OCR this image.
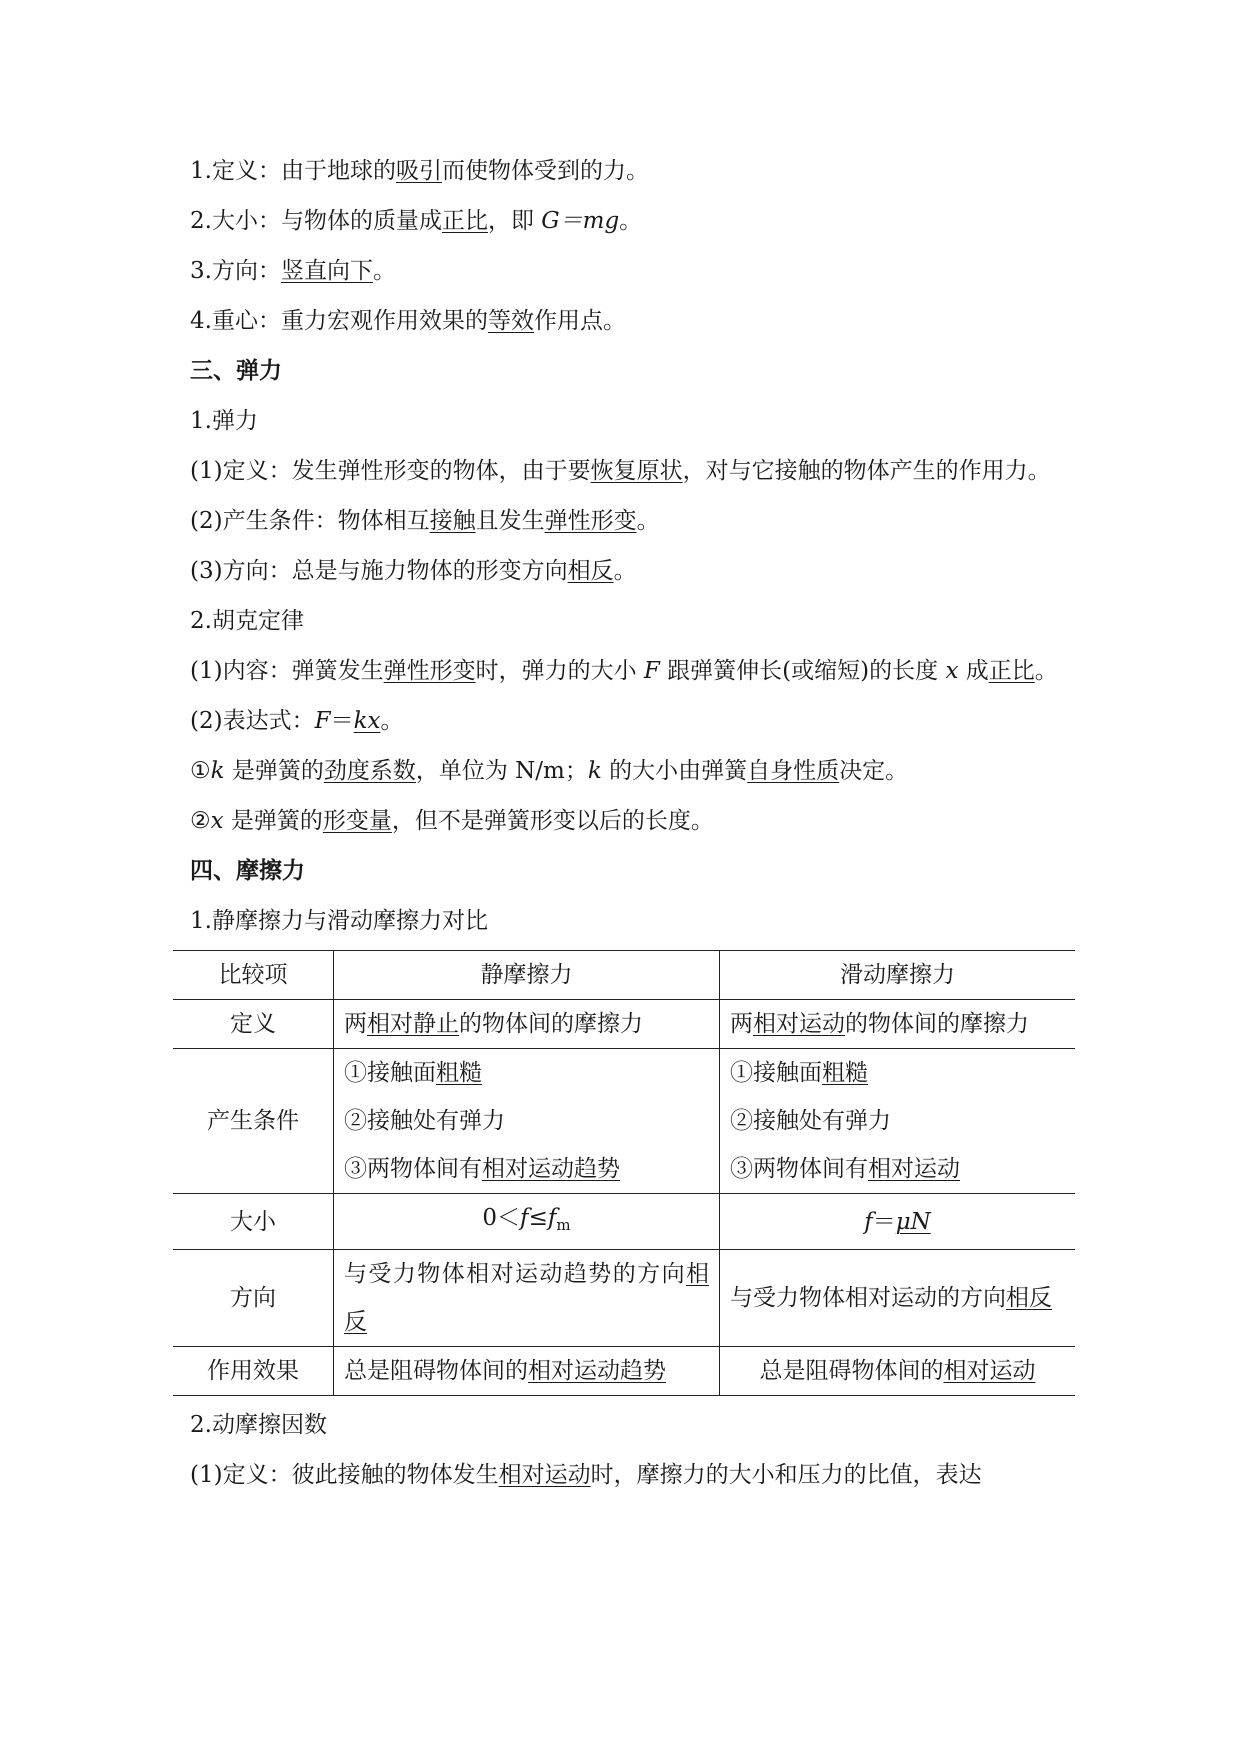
1.定义：由于地球的吸引而使物体受到的力。
2.大小：与物体的质量成正比，即 G＝mg。
3.方向：竖直向下。
4.重心：重力宏观作用效果的等效作用点。
三、弹力
1.弹力
(1)定义：发生弹性形变的物体，由于要恢复原状，对与它接触的物体产生的作用力。
(2)产生条件：物体相互接触且发生弹性形变。
(3)方向：总是与施力物体的形变方向相反。
2.胡克定律
(1)内容：弹簧发生弹性形变时，弹力的大小 F 跟弹簧伸长(或缩短)的长度 x 成正比。
(2)表达式：F＝kx。
①k 是弹簧的劲度系数，单位为 N/m；k 的大小由弹簧自身性质决定。
②x 是弹簧的形变量，但不是弹簧形变以后的长度。
四、摩擦力
1.静摩擦力与滑动摩擦力对比
比较项	静摩擦力	滑动摩擦力
定义	两相对静止的物体间的摩擦力	两相对运动的物体间的摩擦力
产生条件	①接触面粗糙
②接触处有弹力
③两物体间有相对运动趋势	①接触面粗糙
②接触处有弹力
③两物体间有相对运动

大小	$0<f\le f_m$	f＝μN
方向	与受力物体相对运动趋势的方向相反	与受力物体相对运动的方向相反
作用效果	总是阻碍物体间的相对运动趋势	总是阻碍物体间的相对运动
2.动摩擦因数
(1)定义：彼此接触的物体发生相对运动时，摩擦力的大小和压力的比值，表达
